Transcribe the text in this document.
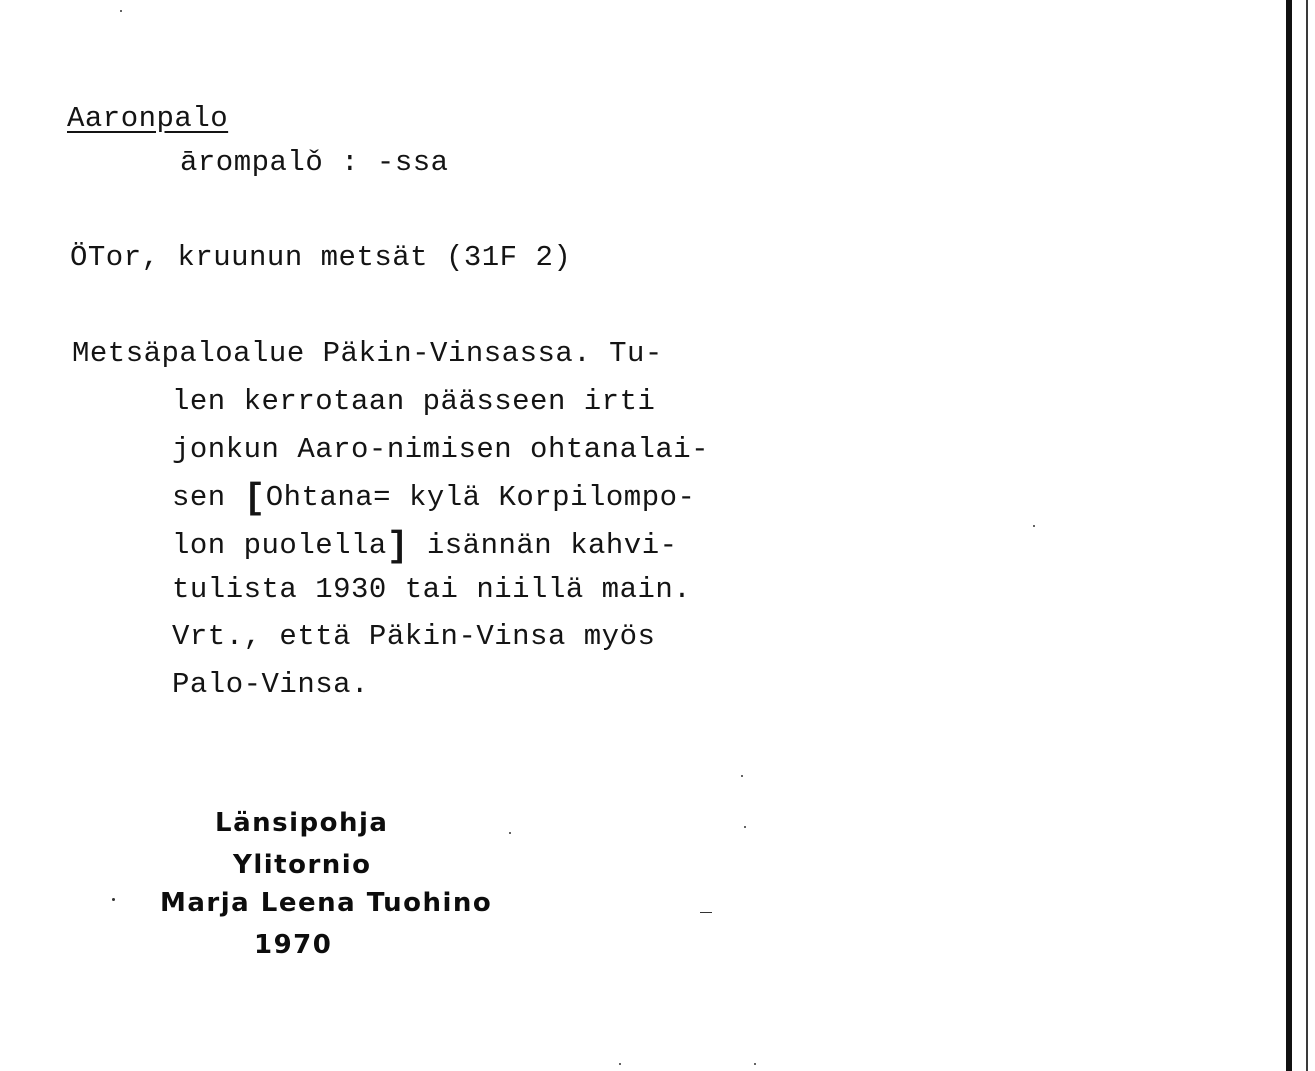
Aaronpalo
ārompalǒ : -ssa
ÖTor, kruunun metsät (31F 2)
Metsäpaloalue Päkin-Vinsassa. Tu-
len kerrotaan päässeen irti
jonkun Aaro-nimisen ohtanalai-
sen [Ohtana= kylä Korpilompo-
lon puolella] isännän kahvi-
tulista 1930 tai niillä main.
Vrt., että Päkin-Vinsa myös
Palo-Vinsa.
Länsipohja
Ylitornio
Marja Leena Tuohino
1970
